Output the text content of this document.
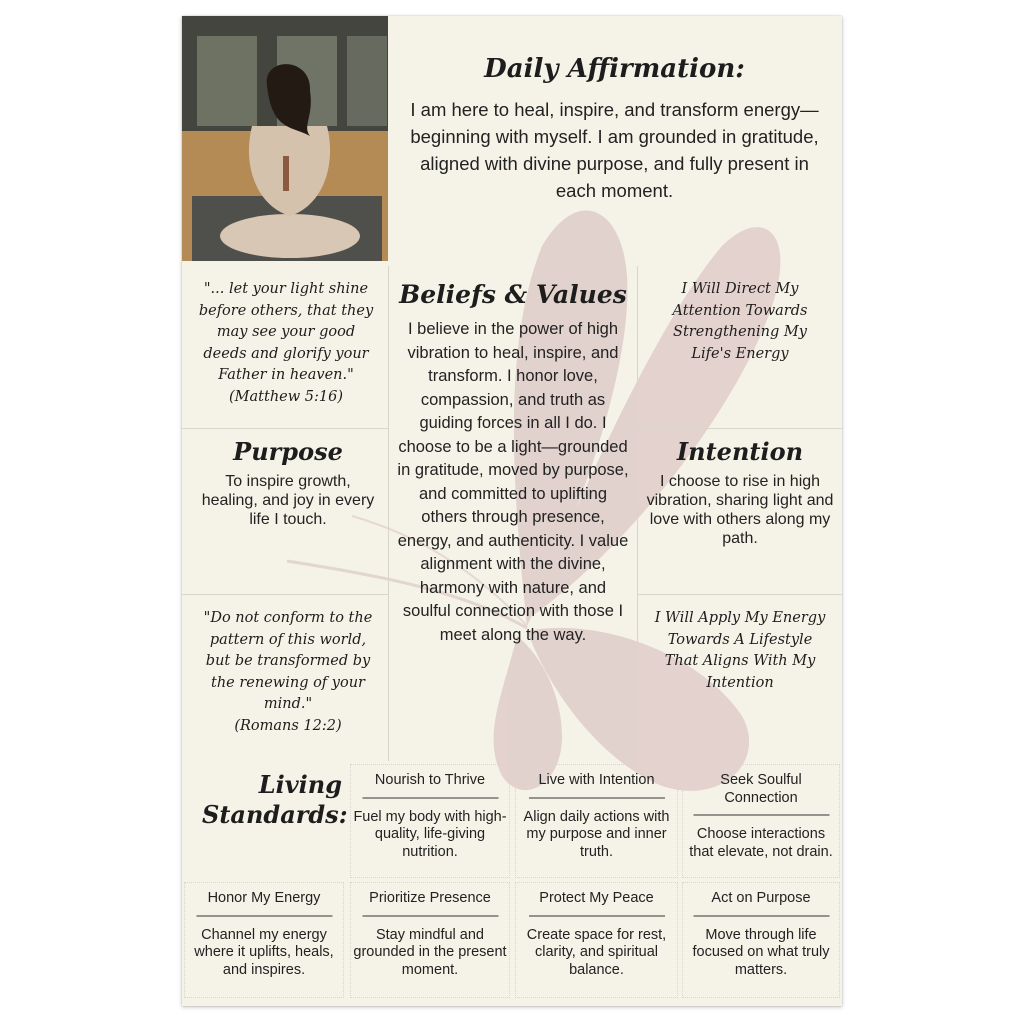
Daily Affirmation:
I am here to heal, inspire, and transform energy—beginning with myself. I am grounded in gratitude, aligned with divine purpose, and fully present in each moment.
"... let your light shine before others, that they may see your good deeds and glorify your Father in heaven."
(Matthew 5:16)
Beliefs & Values
I believe in the power of high vibration to heal, inspire, and transform. I honor love, compassion, and truth as guiding forces in all I do. I choose to be a light—grounded in gratitude, moved by purpose, and committed to uplifting others through presence, energy, and authenticity. I value alignment with the divine, harmony with nature, and soulful connection with those I meet along the way.
I Will Direct My Attention Towards Strengthening My Life's Energy
Purpose
To inspire growth, healing, and joy in every life I touch.
Intention
I choose to rise in high vibration, sharing light and love with others along my path.
"Do not conform to the pattern of this world, but be transformed by the renewing of your mind."
(Romans 12:2)
I Will Apply My Energy Towards A Lifestyle That Aligns With My Intention
Living
Standards:
Nourish to Thrive
——————————
Fuel my body with high-quality, life-giving nutrition.
Live with Intention
——————————
Align daily actions with my purpose and inner truth.
Seek Soulful Connection
——————————
Choose interactions that elevate, not drain.
Honor My Energy
——————————
Channel my energy where it uplifts, heals, and inspires.
Prioritize Presence
——————————
Stay mindful and grounded in the present moment.
Protect My Peace
——————————
Create space for rest, clarity, and spiritual balance.
Act on Purpose
——————————
Move through life focused on what truly matters.
